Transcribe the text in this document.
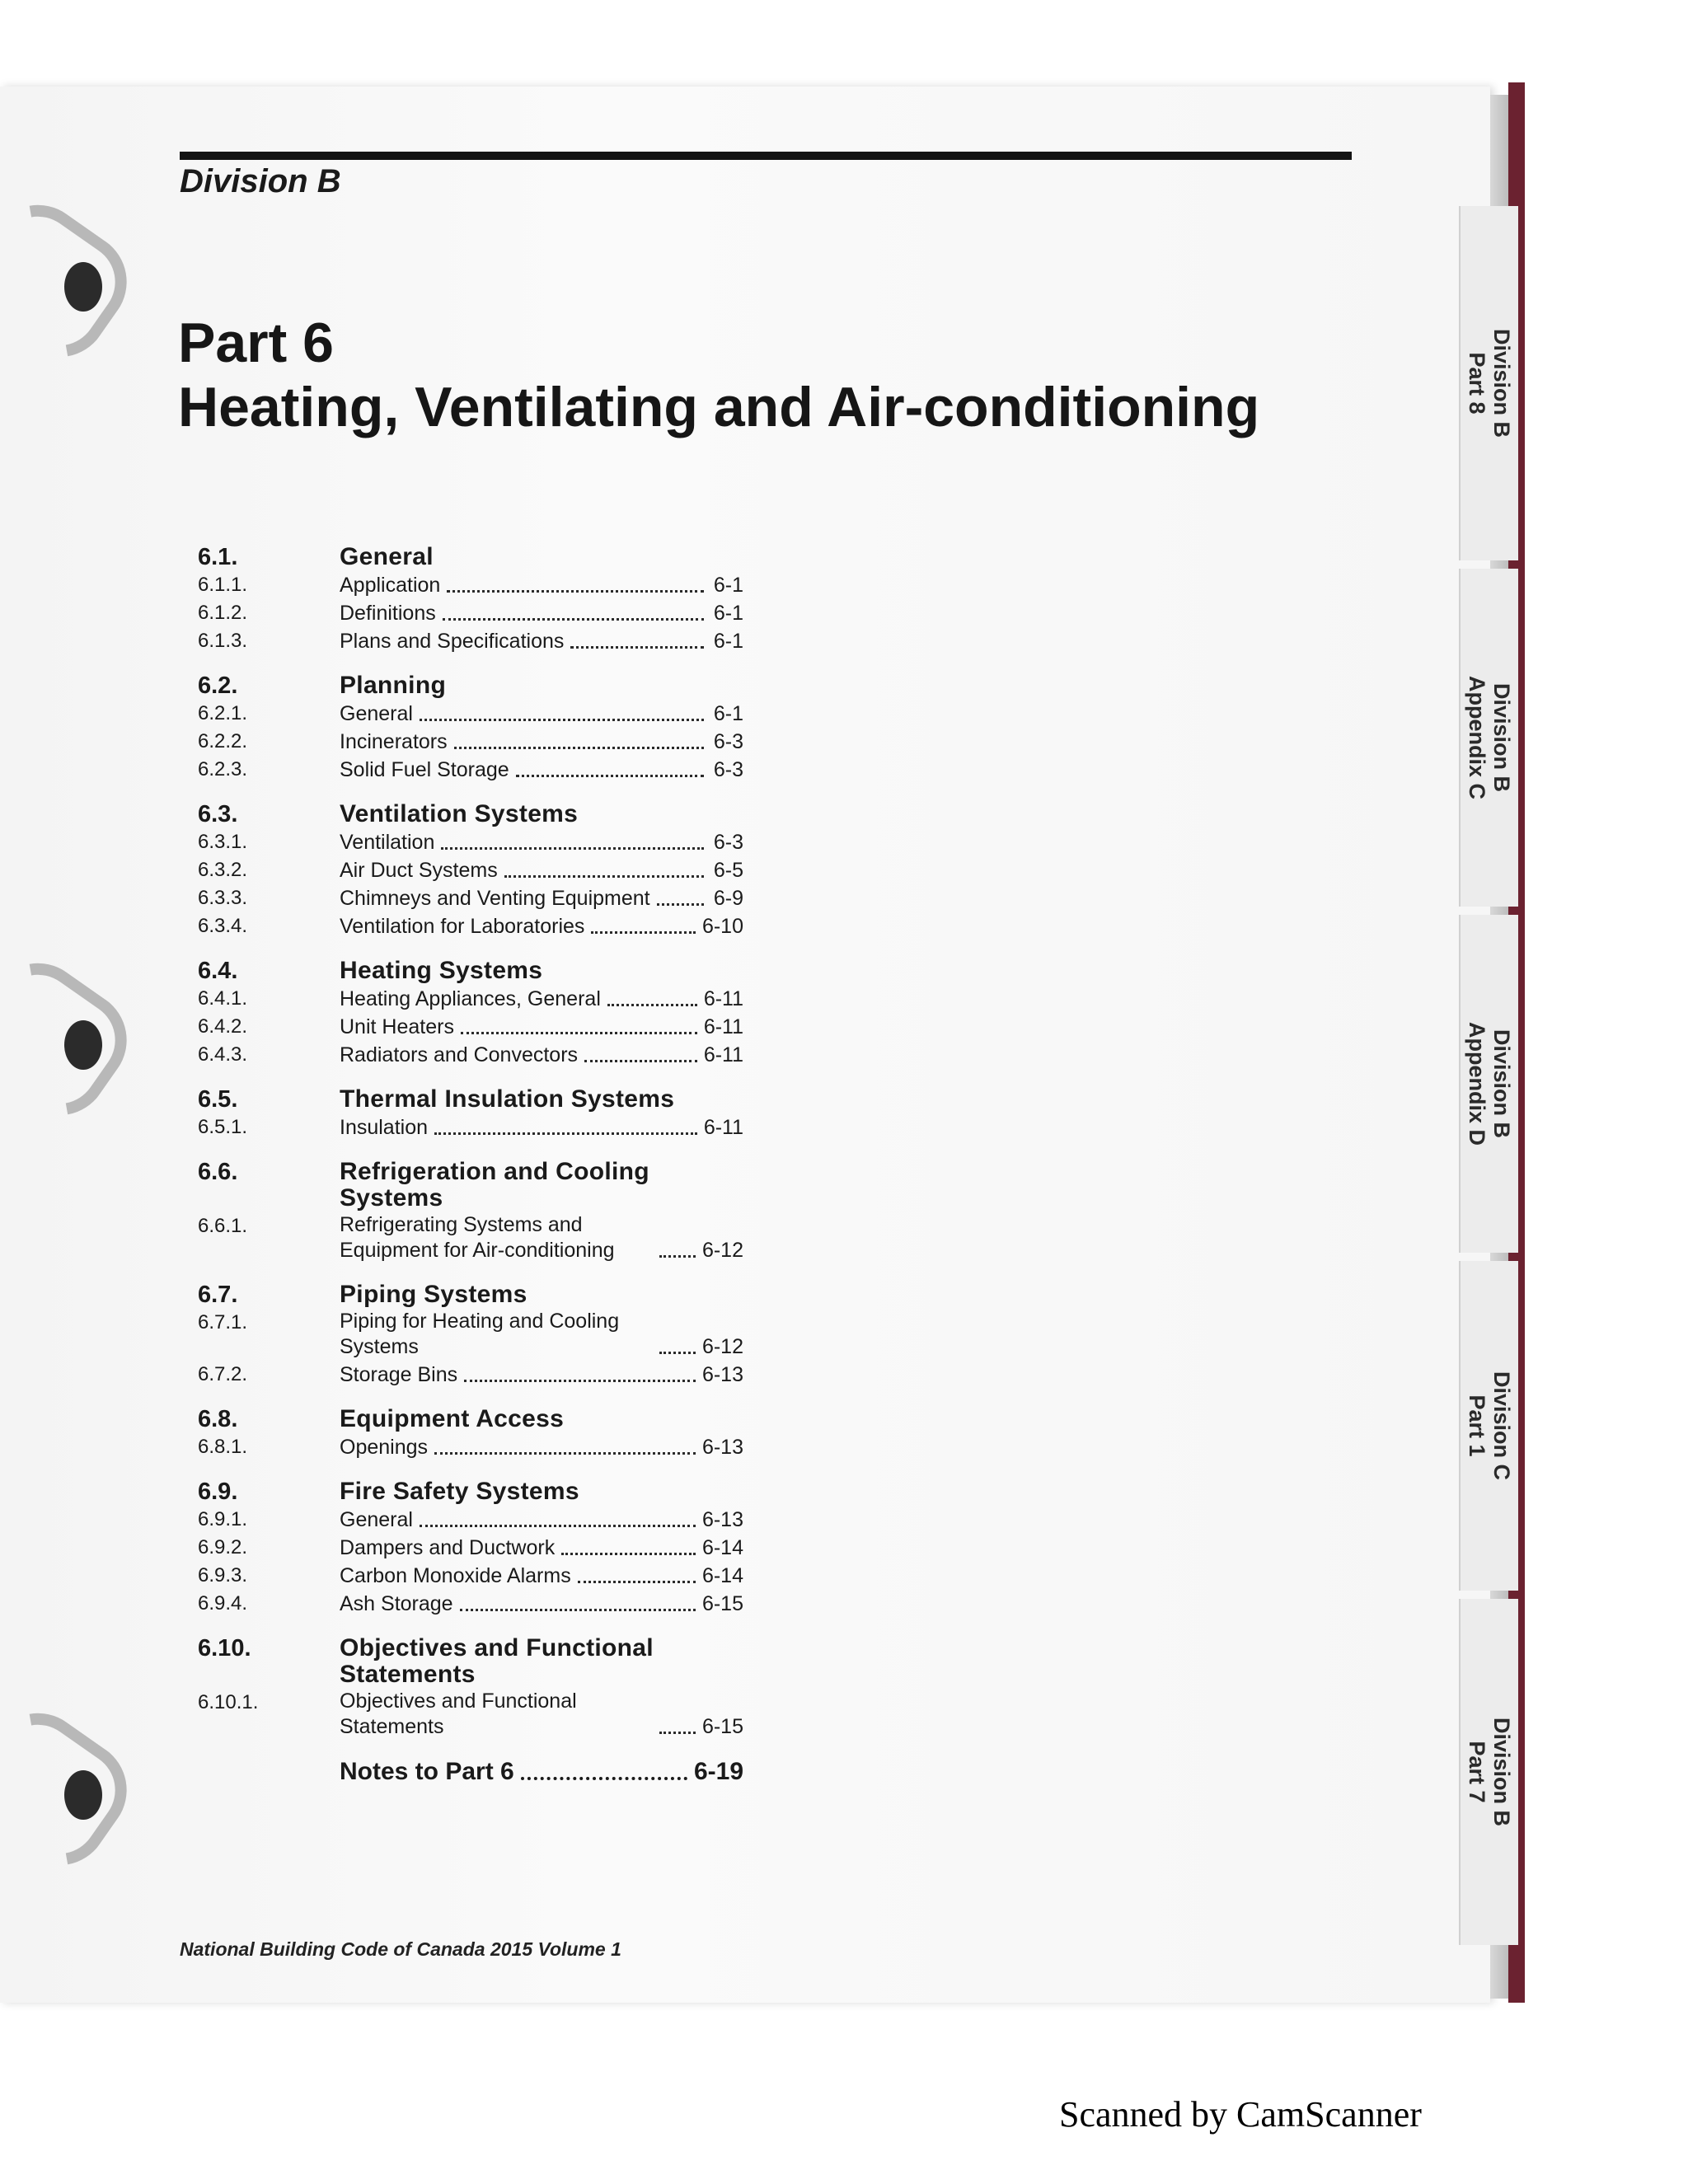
Division B
Part 6
Heating, Ventilating and Air-conditioning
6.1.	General
6.1.1.	Application	6-1
6.1.2.	Definitions	6-1
6.1.3.	Plans and Specifications	6-1
6.2.	Planning
6.2.1.	General	6-1
6.2.2.	Incinerators	6-3
6.2.3.	Solid Fuel Storage	6-3
6.3.	Ventilation Systems
6.3.1.	Ventilation	6-3
6.3.2.	Air Duct Systems	6-5
6.3.3.	Chimneys and Venting Equipment	6-9
6.3.4.	Ventilation for Laboratories	6-10
6.4.	Heating Systems
6.4.1.	Heating Appliances, General	6-11
6.4.2.	Unit Heaters	6-11
6.4.3.	Radiators and Convectors	6-11
6.5.	Thermal Insulation Systems
6.5.1.	Insulation	6-11
6.6.	Refrigeration and Cooling Systems
6.6.1.	Refrigerating Systems and Equipment for Air-conditioning	6-12
6.7.	Piping Systems
6.7.1.	Piping for Heating and Cooling Systems	6-12
6.7.2.	Storage Bins	6-13
6.8.	Equipment Access
6.8.1.	Openings	6-13
6.9.	Fire Safety Systems
6.9.1.	General	6-13
6.9.2.	Dampers and Ductwork	6-14
6.9.3.	Carbon Monoxide Alarms	6-14
6.9.4.	Ash Storage	6-15
6.10.	Objectives and Functional Statements
6.10.1.	Objectives and Functional Statements	6-15
Notes to Part 6	6-19
National Building Code of Canada 2015 Volume 1
Division B
Part 8
Division B
Appendix C
Division B
Appendix D
Division C
Part 1
Division B
Part 7
Scanned by CamScanner
